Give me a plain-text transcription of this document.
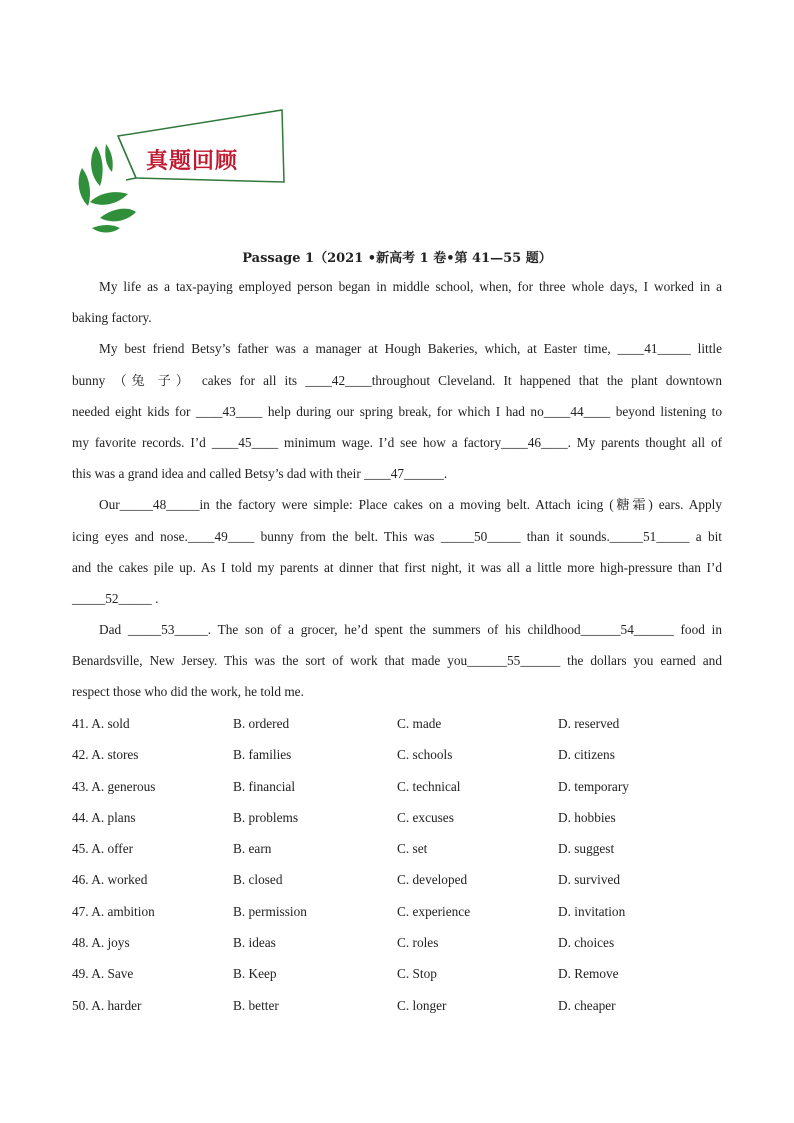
真题回顾
Passage 1（2021 •新高考 1 卷•第 41—55 题）
My life as a tax-paying employed person began in middle school, when, for three whole days, I worked in a
baking factory.
My best friend Betsy’s father was a manager at Hough Bakeries, which, at Easter time, ____41_____ little
bunny （兔 子） cakes for all its ____42____throughout Cleveland. It happened that the plant downtown
needed eight kids for ____43____ help during our spring break, for which I had no____44____ beyond listening to
my favorite records. I’d ____45____ minimum wage. I’d see how a factory____46____. My parents thought all of
this was a grand idea and called Betsy’s dad with their ____47______.
Our_____48_____in the factory were simple: Place cakes on a moving belt. Attach icing (糖霜) ears. Apply
icing eyes and nose.____49____ bunny from the belt. This was _____50_____ than it sounds._____51_____ a bit
and the cakes pile up. As I told my parents at dinner that first night, it was all a little more high-pressure than I’d
_____52_____ .
Dad _____53_____. The son of a grocer, he’d spent the summers of his childhood______54______ food in
Benardsville, New Jersey. This was the sort of work that made you______55______ the dollars you earned and
respect those who did the work, he told me.
41. A. sold	B. ordered	C. made	D. reserved
42. A. stores	B. families	C. schools	D. citizens
43. A. generous	B. financial	C. technical	D. temporary
44. A. plans	B. problems	C. excuses	D. hobbies
45. A. offer	B. earn	C. set	D. suggest
46. A. worked	B. closed	C. developed	D. survived
47. A. ambition	B. permission	C. experience	D. invitation
48. A. joys	B. ideas	C. roles	D. choices
49. A. Save	B. Keep	C. Stop	D. Remove
50. A. harder	B. better	C. longer	D. cheaper
